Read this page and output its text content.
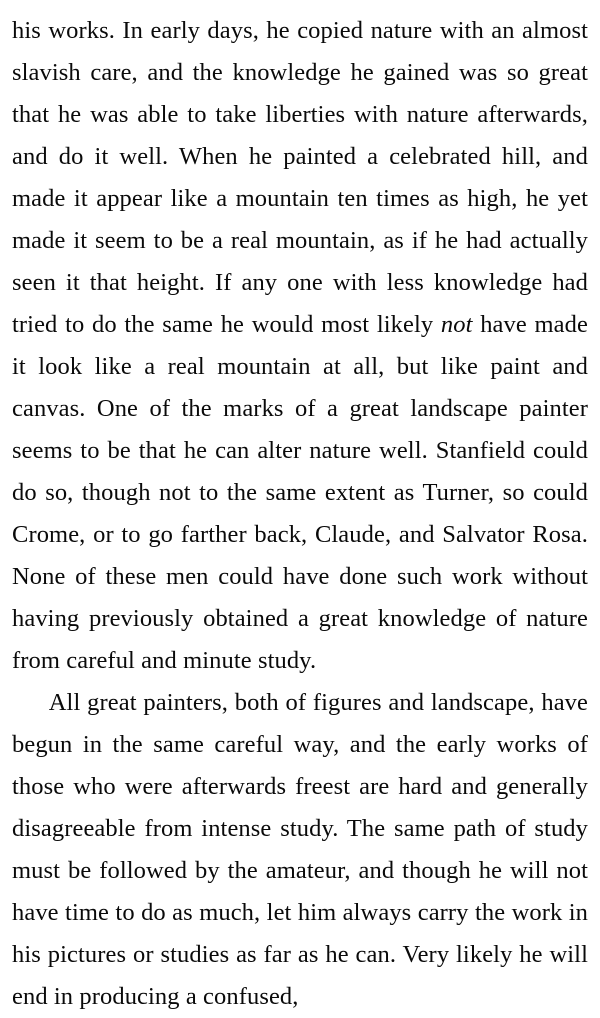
his works. In early days, he copied nature with an almost slavish care, and the knowledge he gained was so great that he was able to take liberties with nature afterwards, and do it well. When he painted a celebrated hill, and made it appear like a mountain ten times as high, he yet made it seem to be a real mountain, as if he had actually seen it that height. If any one with less knowledge had tried to do the same he would most likely not have made it look like a real mountain at all, but like paint and canvas. One of the marks of a great landscape painter seems to be that he can alter nature well. Stanfield could do so, though not to the same extent as Turner, so could Crome, or to go farther back, Claude, and Salvator Rosa. None of these men could have done such work without having previously obtained a great knowledge of nature from careful and minute study.

All great painters, both of figures and landscape, have begun in the same careful way, and the early works of those who were afterwards freest are hard and generally disagreeable from intense study. The same path of study must be followed by the amateur, and though he will not have time to do as much, let him always carry the work in his pictures or studies as far as he can. Very likely he will end in producing a confused,
